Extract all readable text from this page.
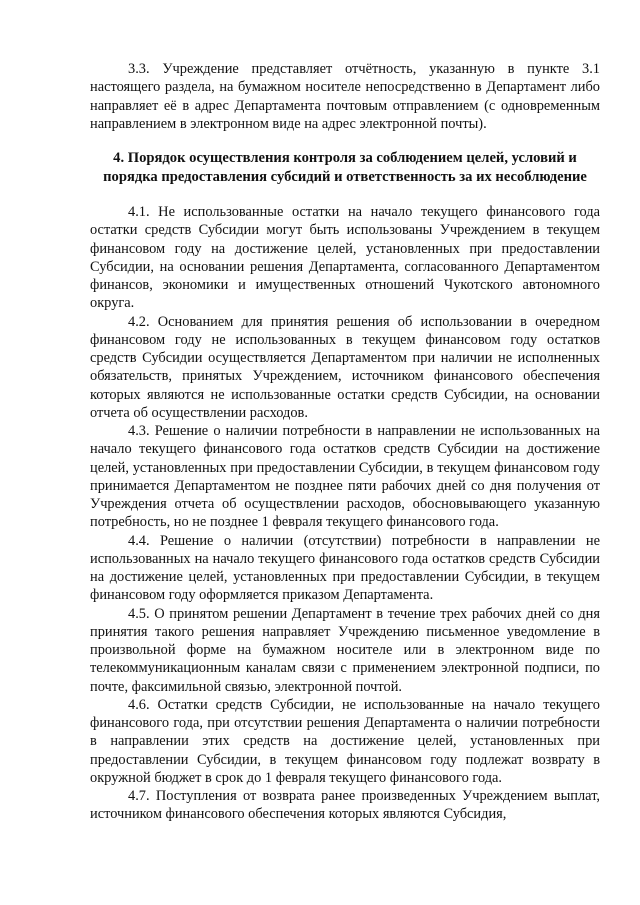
3.3. Учреждение представляет отчётность, указанную в пункте 3.1 настоящего раздела, на бумажном носителе непосредственно в Департамент либо направляет её в адрес Департамента почтовым отправлением (с одновременным направлением в электронном виде на адрес электронной почты).

4. Порядок осуществления контроля за соблюдением целей, условий и
порядка предоставления субсидий и ответственность за их несоблюдение

4.1. Не использованные остатки на начало текущего финансового года остатки средств Субсидии могут быть использованы Учреждением в текущем финансовом году на достижение целей, установленных при предоставлении Субсидии, на основании решения Департамента, согласованного Департаментом финансов, экономики и имущественных отношений Чукотского автономного округа.

4.2. Основанием для принятия решения об использовании в очередном финансовом году не использованных в текущем финансовом году остатков средств Субсидии осуществляется Департаментом при наличии не исполненных обязательств, принятых Учреждением, источником финансового обеспечения которых являются не использованные остатки средств Субсидии, на основании отчета об осуществлении расходов.

4.3. Решение о наличии потребности в направлении не использованных на начало текущего финансового года остатков средств Субсидии на достижение целей, установленных при предоставлении Субсидии, в текущем финансовом году принимается Департаментом не позднее пяти рабочих дней со дня получения от Учреждения отчета об осуществлении расходов, обосновывающего указанную потребность, но не позднее 1 февраля текущего финансового года.

4.4. Решение о наличии (отсутствии) потребности в направлении не использованных на начало текущего финансового года остатков средств Субсидии на достижение целей, установленных при предоставлении Субсидии, в текущем финансовом году оформляется приказом Департамента.

4.5. О принятом решении Департамент в течение трех рабочих дней со дня принятия такого решения направляет Учреждению письменное уведомление в произвольной форме на бумажном носителе или в электронном виде по телекоммуникационным каналам связи с применением электронной подписи, по почте, факсимильной связью, электронной почтой.

4.6. Остатки средств Субсидии, не использованные на начало текущего финансового года, при отсутствии решения Департамента о наличии потребности в направлении этих средств на достижение целей, установленных при предоставлении Субсидии, в текущем финансовом году подлежат возврату в окружной бюджет в срок до 1 февраля текущего финансового года.

4.7. Поступления от возврата ранее произведенных Учреждением выплат, источником финансового обеспечения которых являются Субсидия,
